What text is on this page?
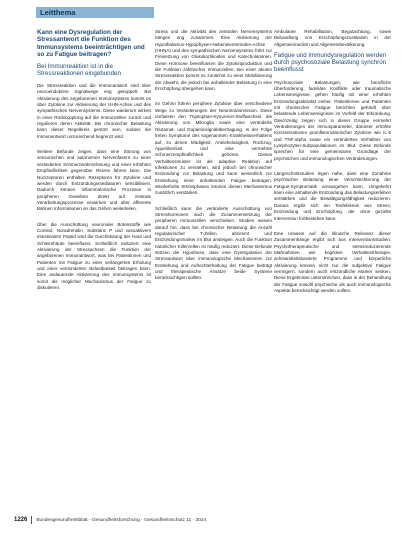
Leitthema
Kann eine Dysregulation der Stressantwort die Funktion des Immunsystems beeinträchtigen und so zu Fatigue beitragen?
Bei Immunreaktion ist in die Stressreaktionen eingebunden

Die Stressreaktion und die Immunantwort sind über neuroendokrine Signalwege eng gekoppelt. Bei Aktivierung des angeborenen Immunsystems kommt es über Zytokine zur Aktivierung der HHN-Achse und des sympathischen Nervensystems. Diese wiederum wirken in einer Rückkopplung auf die Immunzellen zurück und regulieren deren Aktivität. Bei chronischer Belastung kann dieser Regelkreis gestört sein, sodass die Immunantwort unzureichend begrenzt wird.

Weitere Befunde zeigen, dass eine Störung von sensorischen und autonomen Nervenfasern zu einer veränderten Schmerzwahrnehmung und einer erhöhten Empfindlichkeit gegenüber Reizen führen kann. Die Nozizeptoren enthalten Rezeptoren für Zytokine und werden durch Entzündungsmediatoren sensibilisiert. Dadurch können inflammatorische Prozesse in peripheren Geweben direkt auf zentrale Verarbeitungsprozesse einwirken und über afferente Bahnen Informationen an das Gehirn weiterleiten.

Über die Ausschüttung neuronaler Botenstoffe wie Cortisol, Noradrenalin, Substanz P und vasoaktivem intestinalem Peptid wird die Durchblutung der Haut und Schleimhäute beeinflusst. Schließlich reduziert eine Aktivierung der Stressachsen die Funktion der angeborenen Immunantwort, was bei Patientinnen und Patienten mit Fatigue zu einer verlängerten Erholung und einer verminderten Belastbarkeit beitragen kann. Eine andauernde Aktivierung des Immunsystems ist somit als möglicher Mechanismus der Fatigue zu diskutieren.

Stress und die Aktivität des zentralen Nervensystems hängen eng zusammen. Eine Aktivierung der Hypothalamus-Hypophysen-Nebennierenrinden-Achse (HHNA) und des sympathischen Nervensystems führt zur Freisetzung von Glukokortikoiden und Katecholaminen. Diese Hormone beeinflussen die Zytokinproduktion und die Funktion zahlreicher Immunzellen. Bei einer akuten Stressreaktion kommt es zunächst zu einer Mobilisierung der Abwehr, die jedoch bei anhaltender Belastung in eine Erschöpfung übergehen kann.

Im Gehirn führen periphere Zytokine über verschiedene Wege zu Veränderungen der Neurotransmission. Diese umfassen den Tryptophan-Kynurenin-Stoffwechsel, die Aktivierung von Mikroglia sowie eine veränderte Glutamat- und Dopaminsignalübertragung. In der Folge treten Symptome des sogenannten Krankheitsverhaltens auf, zu denen Müdigkeit, Antriebslosigkeit, Rückzug, Appetitverlust und eine vermehrte Schmerzempfindlichkeit gehören. Dieses Verhaltensmuster ist als adaptive Reaktion auf Infektionen zu verstehen, wird jedoch bei chronischer Entzündung zur Belastung und kann wesentlich zur Entstehung einer anhaltenden Fatigue beitragen. Wiederholte Stressphasen können diesen Mechanismus zusätzlich verstärken.

Schließlich kann die veränderte Ausschüttung von Stresshormonen auch die Zusammensetzung der peripheren Immunzellen verschieben. Studien weisen darauf hin, dass bei chronischer Belastung die Anzahl regulatorischer T-Zellen abnimmt und Entzündungsmarker im Blut ansteigen. Auch die Funktion natürlicher Killerzellen ist häufig reduziert. Diese Befunde stützen die Hypothese, dass eine Dysregulation der Stressantwort über immunologische Mechanismen zur Entstehung und Aufrechterhaltung der Fatigue beiträgt und therapeutische Ansätze beide Systeme berücksichtigen sollten.

Ambulante Rehabilitation, Begutachtung, sowie Behandlung von Erschöpfungszuständen in der Allgemeinmedizin und Allgemeinbevölkerung.

Fatigue und Immundysregulation werden durch psychosoziale Belastung synchron beeinflusst

Psychosoziale Belastungen, wie berufliche Überforderung, familiäre Konflikte oder traumatische Lebensereignisse, gehen häufig mit einer erhöhten Entzündungsaktivität einher. Patientinnen und Patienten mit chronischer Fatigue berichten gehäuft über belastende Lebensereignisse im Vorfeld der Erkrankung. Gleichzeitig zeigen sich in dieser Gruppe vermehrt Veränderungen der Immunparameter, darunter erhöhte Konzentrationen proinflammatorischer Zytokine wie IL-6 und TNF-alpha sowie ein verändertes Verhältnis von Lymphozyten-Subpopulationen im Blut. Diese Befunde sprechen für eine gemeinsame Grundlage der psychischen und immunologischen Veränderungen.

Längsschnittstudien legen nahe, dass eine Zunahme psychischer Belastung einer Verschlechterung der Fatigue-Symptomatik vorausgehen kann. Umgekehrt kann eine anhaltende Entzündung das Belastungserleben verstärken und die Bewältigungsfähigkeit reduzieren. Daraus ergibt sich ein Teufelskreis aus Stress, Entzündung und Erschöpfung, der ohne gezielte Intervention fortbestehen kann.

Eine Hinweis auf die klinische Relevanz dieser Zusammenhänge ergibt sich aus Interventionsstudien: Psychotherapeutische und stressreduzierende Maßnahmen wie kognitive Verhaltenstherapie, achtsamkeitsbasierte Programme und körperliche Aktivierung können nicht nur die subjektive Fatigue verringern, sondern auch entzündliche Marker senken. Diese Ergebnisse unterstreichen, dass in der Behandlung der Fatigue sowohl psychische als auch immunologische Aspekte berücksichtigt werden sollten.

1226 Bundesgesundheitsblatt - Gesundheitsforschung - Gesundheitsschutz 11 · 2024
